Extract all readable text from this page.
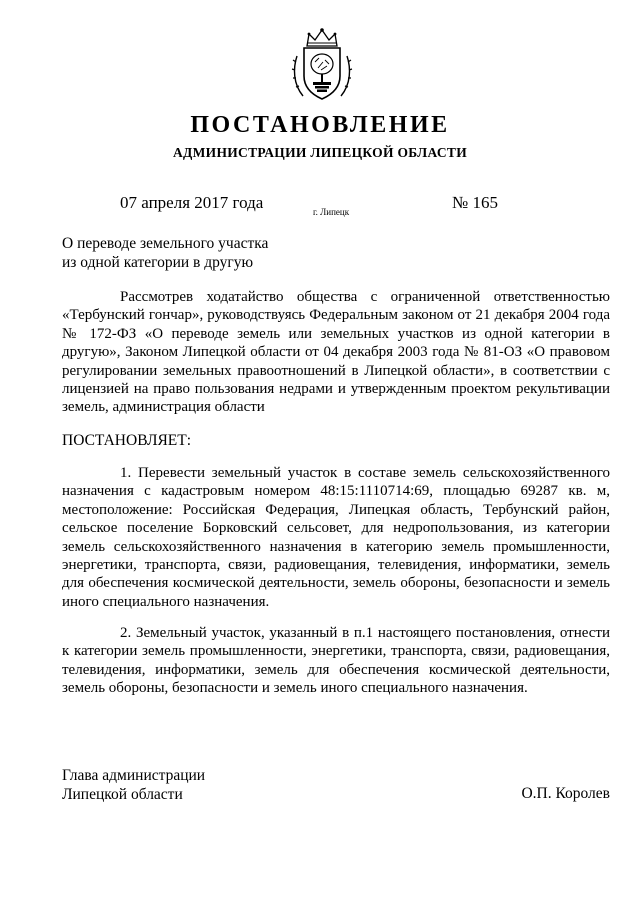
ПОСТАНОВЛЕНИЕ
АДМИНИСТРАЦИИ ЛИПЕЦКОЙ ОБЛАСТИ
07 апреля 2017 года	г. Липецк	№ 165
О переводе земельного участка
из одной категории в другую

Рассмотрев ходатайство общества с ограниченной ответственностью «Тербунский гончар», руководствуясь Федеральным законом от 21 декабря 2004 года № 172-ФЗ «О переводе земель или земельных участков из одной категории в другую», Законом Липецкой области от 04 декабря 2003 года № 81-ОЗ «О правовом регулировании земельных правоотношений в Липецкой области», в соответствии с лицензией на право пользования недрами и утвержденным проектом рекультивации земель, администрация области

ПОСТАНОВЛЯЕТ:

1. Перевести земельный участок в составе земель сельскохозяйственного назначения с кадастровым номером 48:15:1110714:69, площадью 69287 кв. м, местоположение: Российская Федерация, Липецкая область, Тербунский район, сельское поселение Борковский сельсовет, для недропользования, из категории земель сельскохозяйственного назначения в категорию земель промышленности, энергетики, транспорта, связи, радиовещания, телевидения, информатики, земель для обеспечения космической деятельности, земель обороны, безопасности и земель иного специального назначения.

2. Земельный участок, указанный в п.1 настоящего постановления, отнести к категории земель промышленности, энергетики, транспорта, связи, радиовещания, телевидения, информатики, земель для обеспечения космической деятельности, земель обороны, безопасности и земель иного специального назначения.

Глава администрации
Липецкой области	О.П. Королев
